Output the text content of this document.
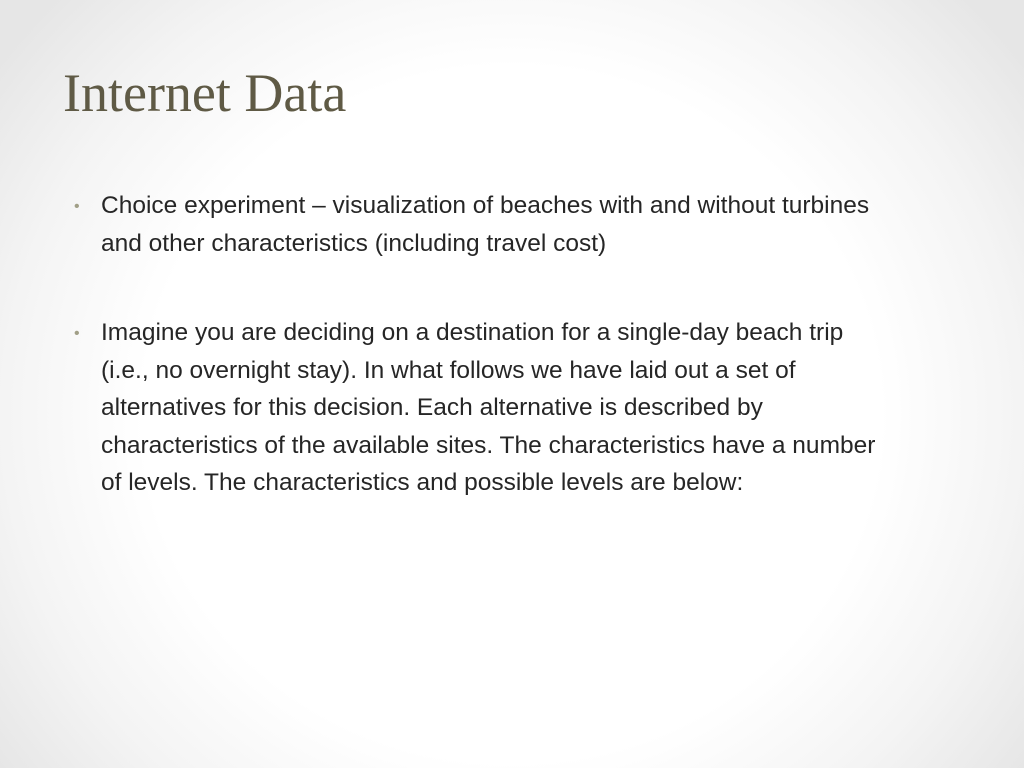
Internet Data
• Choice experiment – visualization of beaches with and without turbines and other characteristics (including travel cost)
• Imagine you are deciding on a destination for a single-day beach trip (i.e., no overnight stay). In what follows we have laid out a set of alternatives for this decision. Each alternative is described by characteristics of the available sites. The characteristics have a number of levels. The characteristics and possible levels are below:
